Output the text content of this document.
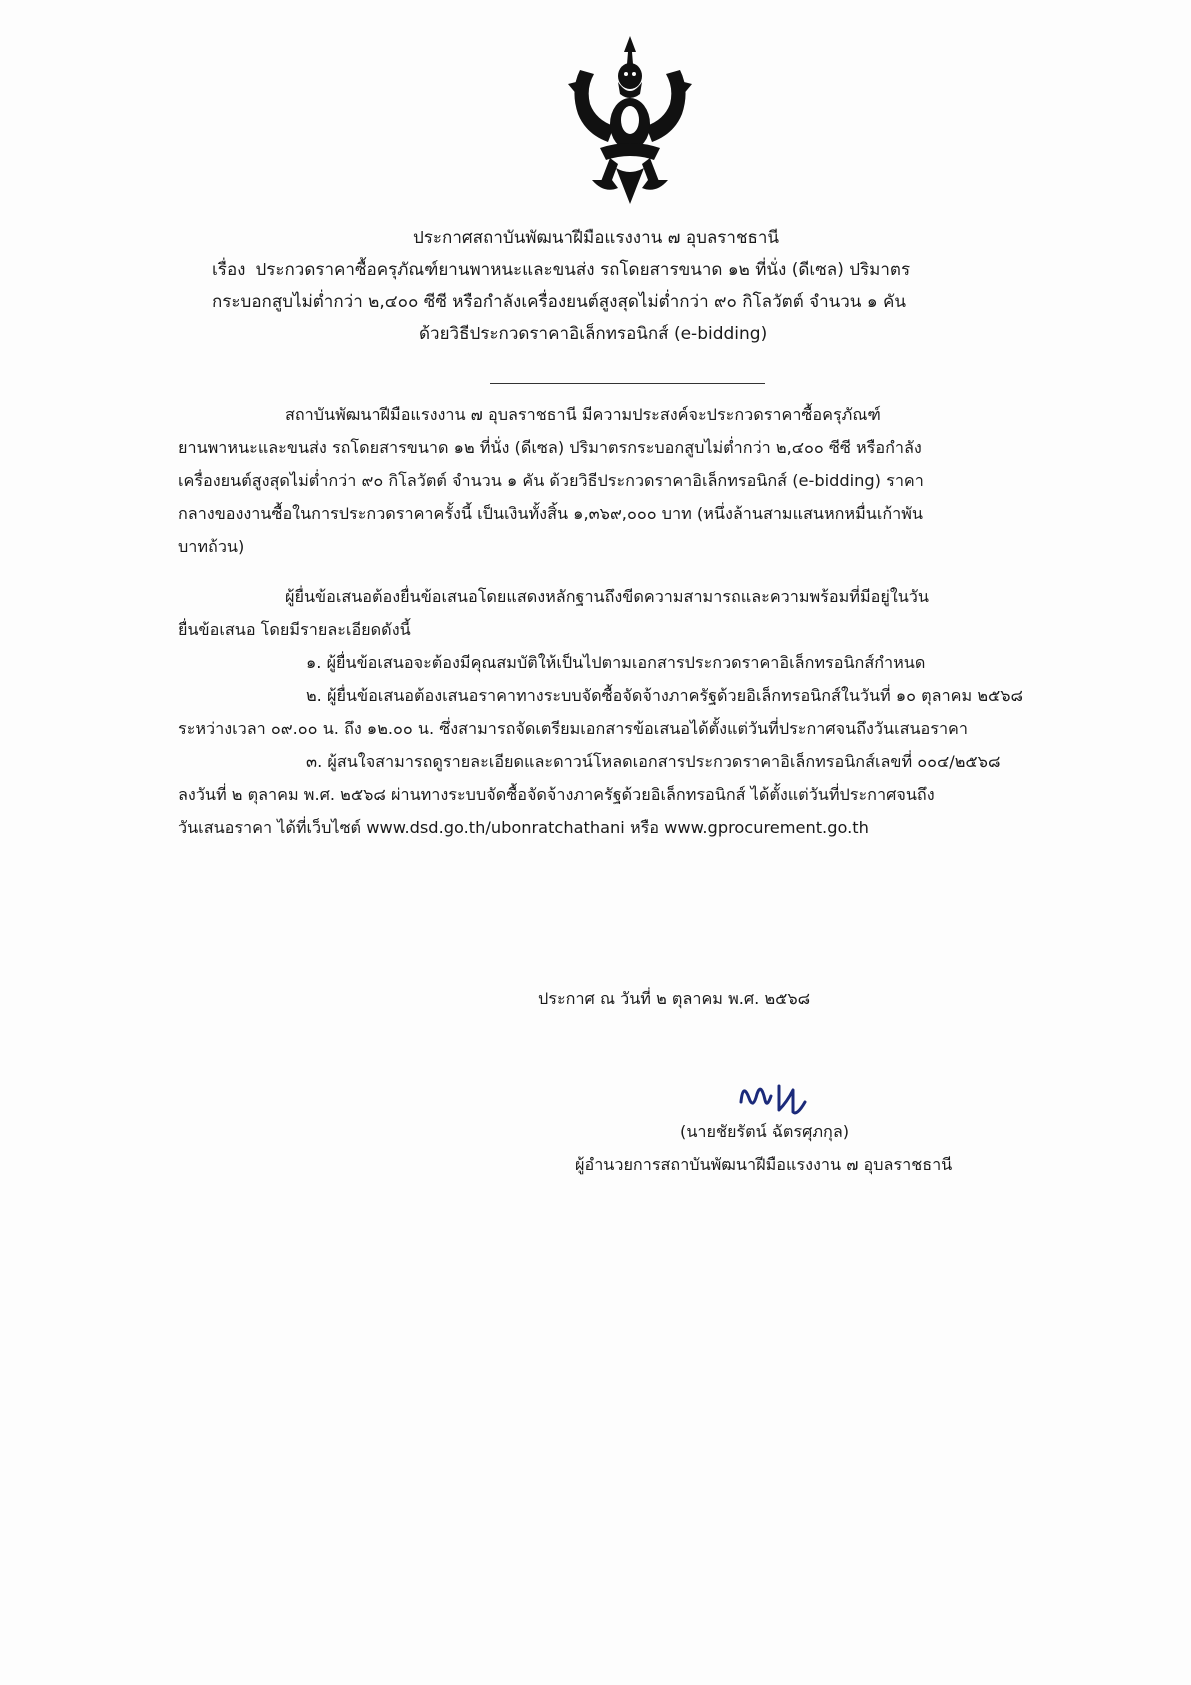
ประกาศสถาบันพัฒนาฝีมือแรงงาน ๗ อุบลราชธานี
เรื่อง ประกวดราคาซื้อครุภัณฑ์ยานพาหนะและขนส่ง รถโดยสารขนาด ๑๒ ที่นั่ง (ดีเซล) ปริมาตร
กระบอกสูบไม่ต่ำกว่า ๒,๔๐๐ ซีซี หรือกำลังเครื่องยนต์สูงสุดไม่ต่ำกว่า ๙๐ กิโลวัตต์ จำนวน ๑ คัน
ด้วยวิธีประกวดราคาอิเล็กทรอนิกส์ (e-bidding)
สถาบันพัฒนาฝีมือแรงงาน ๗ อุบลราชธานี มีความประสงค์จะประกวดราคาซื้อครุภัณฑ์
ยานพาหนะและขนส่ง รถโดยสารขนาด ๑๒ ที่นั่ง (ดีเซล) ปริมาตรกระบอกสูบไม่ต่ำกว่า ๒,๔๐๐ ซีซี หรือกำลัง
เครื่องยนต์สูงสุดไม่ต่ำกว่า ๙๐ กิโลวัตต์ จำนวน ๑ คัน ด้วยวิธีประกวดราคาอิเล็กทรอนิกส์ (e-bidding) ราคา
กลางของงานซื้อในการประกวดราคาครั้งนี้ เป็นเงินทั้งสิ้น ๑,๓๖๙,๐๐๐ บาท (หนึ่งล้านสามแสนหกหมื่นเก้าพัน
บาทถ้วน)
ผู้ยื่นข้อเสนอต้องยื่นข้อเสนอโดยแสดงหลักฐานถึงขีดความสามารถและความพร้อมที่มีอยู่ในวัน
ยื่นข้อเสนอ โดยมีรายละเอียดดังนี้
๑. ผู้ยื่นข้อเสนอจะต้องมีคุณสมบัติให้เป็นไปตามเอกสารประกวดราคาอิเล็กทรอนิกส์กำหนด
๒. ผู้ยื่นข้อเสนอต้องเสนอราคาทางระบบจัดซื้อจัดจ้างภาครัฐด้วยอิเล็กทรอนิกส์ในวันที่ ๑๐ ตุลาคม ๒๕๖๘
ระหว่างเวลา ๐๙.๐๐ น. ถึง ๑๒.๐๐ น. ซึ่งสามารถจัดเตรียมเอกสารข้อเสนอได้ตั้งแต่วันที่ประกาศจนถึงวันเสนอราคา
๓. ผู้สนใจสามารถดูรายละเอียดและดาวน์โหลดเอกสารประกวดราคาอิเล็กทรอนิกส์เลขที่ ๐๐๔/๒๕๖๘
ลงวันที่ ๒ ตุลาคม พ.ศ. ๒๕๖๘ ผ่านทางระบบจัดซื้อจัดจ้างภาครัฐด้วยอิเล็กทรอนิกส์ ได้ตั้งแต่วันที่ประกาศจนถึง
วันเสนอราคา ได้ที่เว็บไซต์ www.dsd.go.th/ubonratchathani หรือ www.gprocurement.go.th
ประกาศ ณ วันที่ ๒ ตุลาคม พ.ศ. ๒๕๖๘
(นายชัยรัตน์ ฉัตรศุภกุล)
ผู้อำนวยการสถาบันพัฒนาฝีมือแรงงาน ๗ อุบลราชธานี
